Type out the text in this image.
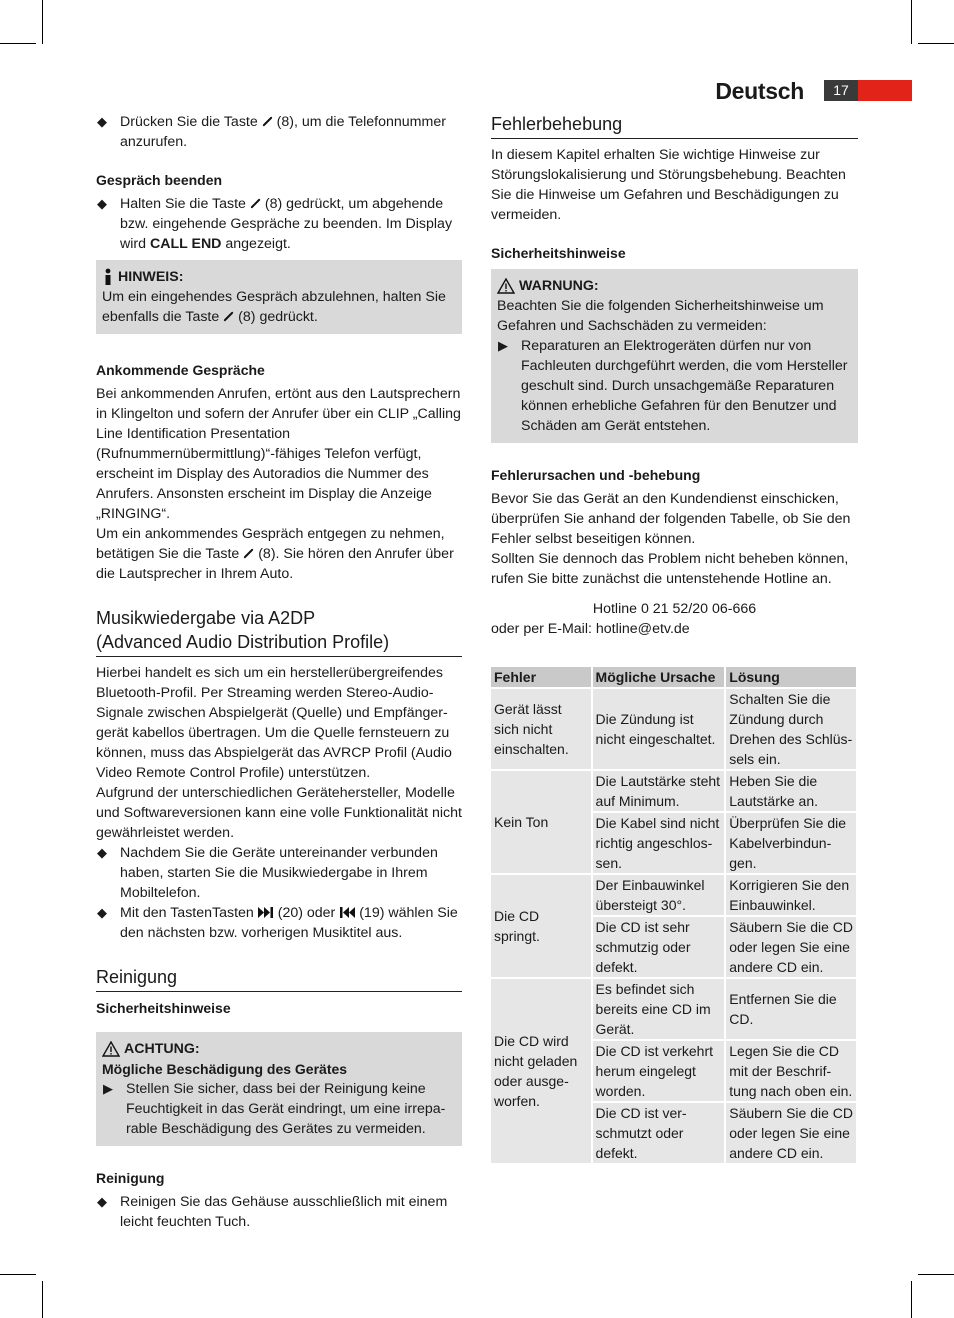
Deutsch	17
◆ Drücken Sie die Taste (8), um die Telefonnummer anzurufen.

Gespräch beenden

◆ Halten Sie die Taste (8) gedrückt, um abgehende bzw. eingehende Gespräche zu beenden. Im Display wird CALL END angezeigt.
HINWEIS:

Um ein eingehendes Gespräch abzulehnen, halten Sie ebenfalls die Taste (8) gedrückt.

Ankommende Gespräche

Bei ankommenden Anrufen, ertönt aus den Lautsprechern in Klingelton und sofern der Anrufer über ein CLIP „Calling Line Identification Presentation (Rufnummernübermittlung)“-fähiges Telefon verfügt, erscheint im Display des Autoradios die Nummer des Anrufers. Ansonsten erscheint im Display die Anzeige „RINGING“.

Um ein ankommendes Gespräch entgegen zu nehmen, betätigen Sie die Taste (8). Sie hören den Anrufer über die Lautsprecher in Ihrem Auto.

Musikwiedergabe via A2DP
(Advanced Audio Distribution Profile)

Hierbei handelt es sich um ein herstellerübergreifendes Bluetooth-Profil. Per Streaming werden Stereo-Audio-Signale zwischen Abspielgerät (Quelle) und Empfängergerät kabellos übertragen. Um die Quelle fernsteuern zu können, muss das Abspielgerät das AVRCP Profil (Audio Video Remote Control Profile) unterstützen.

Aufgrund der unterschiedlichen Gerätehersteller, Modelle und Softwareversionen kann eine volle Funktionalität nicht gewährleistet werden.

◆ Nachdem Sie die Geräte untereinander verbunden haben, starten Sie die Musikwiedergabe in Ihrem Mobiltelefon.
◆ Mit den TastenTasten (20) oder (19) wählen Sie den nächsten bzw. vorherigen Musiktitel aus.
Reinigung

Sicherheitshinweise

ACHTUNG:

Mögliche Beschädigung des Gerätes

▶ Stellen Sie sicher, dass bei der Reinigung keine Feuchtigkeit in das Gerät eindringt, um eine irreparable Beschädigung des Gerätes zu vermeiden.

Reinigung

◆ Reinigen Sie das Gehäuse ausschließlich mit einem leicht feuchten Tuch.
Fehlerbehebung

In diesem Kapitel erhalten Sie wichtige Hinweise zur Störungslokalisierung und Störungsbehebung. Beachten Sie die Hinweise um Gefahren und Beschädigungen zu vermeiden.

Sicherheitshinweise

WARNUNG:

Beachten Sie die folgenden Sicherheitshinweise um Gefahren und Sachschäden zu vermeiden:

▶ Reparaturen an Elektrogeräten dürfen nur von Fachleuten durchgeführt werden, die vom Hersteller geschult sind. Durch unsachgemäße Reparaturen können erhebliche Gefahren für den Benutzer und Schäden am Gerät entstehen.

Fehlerursachen und -behebung

Bevor Sie das Gerät an den Kundendienst einschicken, überprüfen Sie anhand der folgenden Tabelle, ob Sie den Fehler selbst beseitigen können.

Sollten Sie dennoch das Problem nicht beheben können, rufen Sie bitte zunächst die untenstehende Hotline an.

Hotline 0 21 52/20 06-666

oder per E-Mail: hotline@etv.de

Fehler	Mögliche Ursache	Lösung
Gerät lässt sich nicht einschalten.	Die Zündung ist nicht eingeschaltet.	Schalten Sie die Zündung durch Drehen des Schlüssels ein.
Kein Ton	Die Lautstärke steht auf Minimum.	Heben Sie die Lautstärke an.
	Die Kabel sind nicht richtig angeschlossen.	Überprüfen Sie die Kabelverbindungen.
Die CD springt.	Der Einbauwinkel übersteigt 30°.	Korrigieren Sie den Einbauwinkel.
	Die CD ist sehr schmutzig oder defekt.	Säubern Sie die CD oder legen Sie eine andere CD ein.
Die CD wird nicht geladen oder ausgeworfen.	Es befindet sich bereits eine CD im Gerät.	Entfernen Sie die CD.
	Die CD ist verkehrt herum eingelegt worden.	Legen Sie die CD mit der Beschriftung nach oben ein.
	Die CD ist verschmutzt oder defekt.	Säubern Sie die CD oder legen Sie eine andere CD ein.
